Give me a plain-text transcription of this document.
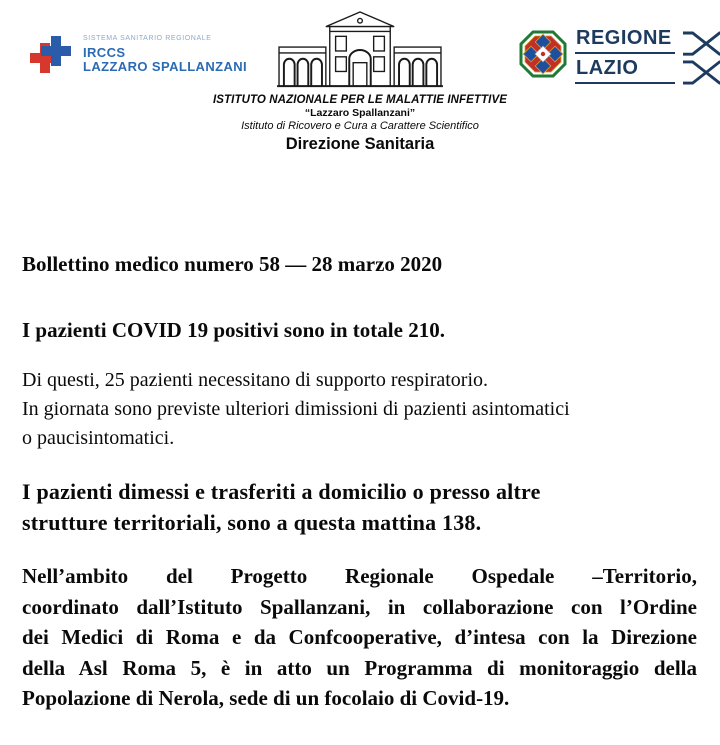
SISTEMA SANITARIO REGIONALE
IRCCS
LAZZARO SPALLANZANI
ISTITUTO NAZIONALE PER LE MALATTIE INFETTIVE
“Lazzaro Spallanzani”
Istituto di Ricovero e Cura a Carattere Scientifico
Direzione Sanitaria
REGIONE
LAZIO
Bollettino medico numero 58 — 28 marzo 2020
I pazienti COVID 19 positivi sono in totale 210.
Di questi, 25 pazienti necessitano di supporto respiratorio.
In giornata sono previste ulteriori dimissioni di pazienti asintomatici
o paucisintomatici.
I pazienti dimessi e trasferiti a domicilio o presso altre
strutture territoriali, sono a questa mattina 138.
Nell’ambito del Progetto Regionale Ospedale –Territorio,
coordinato dall’Istituto Spallanzani, in collaborazione con l’Ordine
dei Medici di Roma e da Confcooperative, d’intesa con la Direzione
della Asl Roma 5, è in atto un Programma di monitoraggio della
Popolazione di Nerola, sede di un focolaio di Covid-19.
